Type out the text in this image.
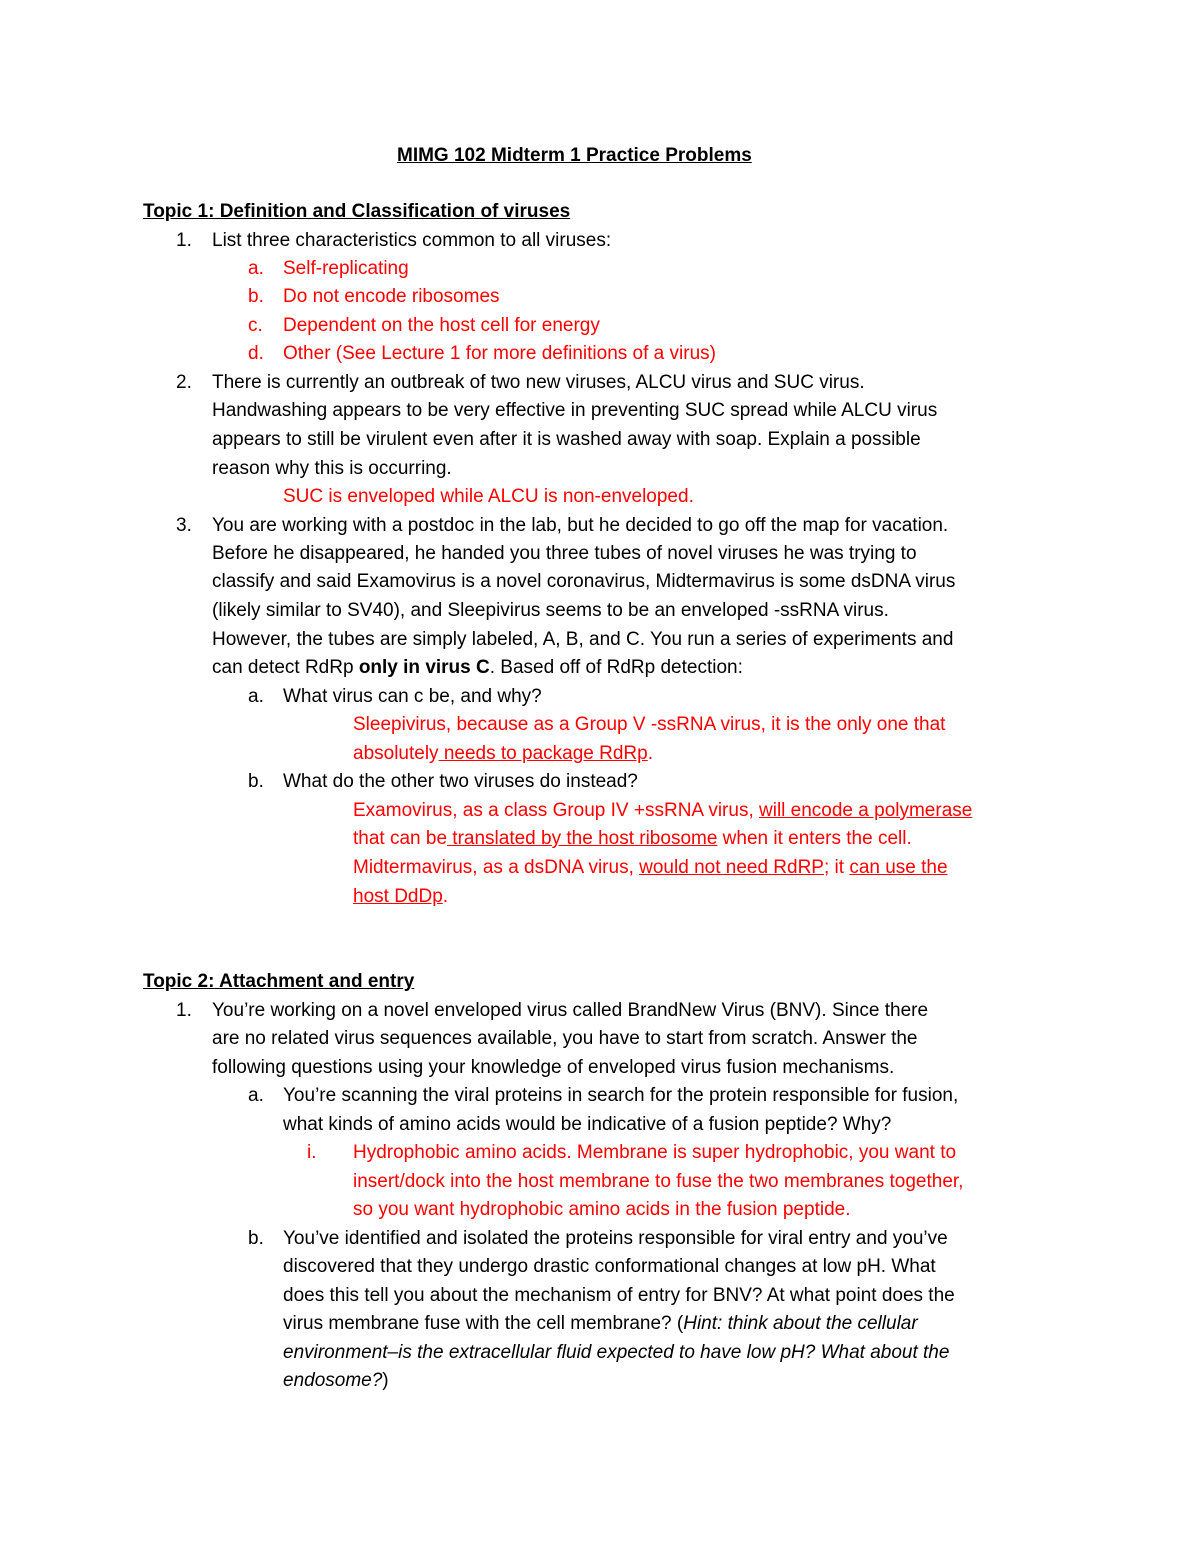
MIMG 102 Midterm 1 Practice Problems
Topic 1: Definition and Classification of viruses
1. List three characteristics common to all viruses:
a. Self-replicating
b. Do not encode ribosomes
c. Dependent on the host cell for energy
d. Other (See Lecture 1 for more definitions of a virus)
2. There is currently an outbreak of two new viruses, ALCU virus and SUC virus.
Handwashing appears to be very effective in preventing SUC spread while ALCU virus
appears to still be virulent even after it is washed away with soap. Explain a possible
reason why this is occurring.
SUC is enveloped while ALCU is non-enveloped.
3. You are working with a postdoc in the lab, but he decided to go off the map for vacation.
Before he disappeared, he handed you three tubes of novel viruses he was trying to
classify and said Examovirus is a novel coronavirus, Midtermavirus is some dsDNA virus
(likely similar to SV40), and Sleepivirus seems to be an enveloped -ssRNA virus.
However, the tubes are simply labeled, A, B, and C. You run a series of experiments and
can detect RdRp only in virus C. Based off of RdRp detection:
a. What virus can c be, and why?
Sleepivirus, because as a Group V -ssRNA virus, it is the only one that
absolutely needs to package RdRp.
b. What do the other two viruses do instead?
Examovirus, as a class Group IV +ssRNA virus, will encode a polymerase
that can be translated by the host ribosome when it enters the cell.
Midtermavirus, as a dsDNA virus, would not need RdRP; it can use the
host DdDp.
Topic 2: Attachment and entry
1. You’re working on a novel enveloped virus called BrandNew Virus (BNV). Since there
are no related virus sequences available, you have to start from scratch. Answer the
following questions using your knowledge of enveloped virus fusion mechanisms.
a. You’re scanning the viral proteins in search for the protein responsible for fusion,
what kinds of amino acids would be indicative of a fusion peptide? Why?
i. Hydrophobic amino acids. Membrane is super hydrophobic, you want to
insert/dock into the host membrane to fuse the two membranes together,
so you want hydrophobic amino acids in the fusion peptide.
b. You’ve identified and isolated the proteins responsible for viral entry and you’ve
discovered that they undergo drastic conformational changes at low pH. What
does this tell you about the mechanism of entry for BNV? At what point does the
virus membrane fuse with the cell membrane? (Hint: think about the cellular
environment–is the extracellular fluid expected to have low pH? What about the
endosome?)
